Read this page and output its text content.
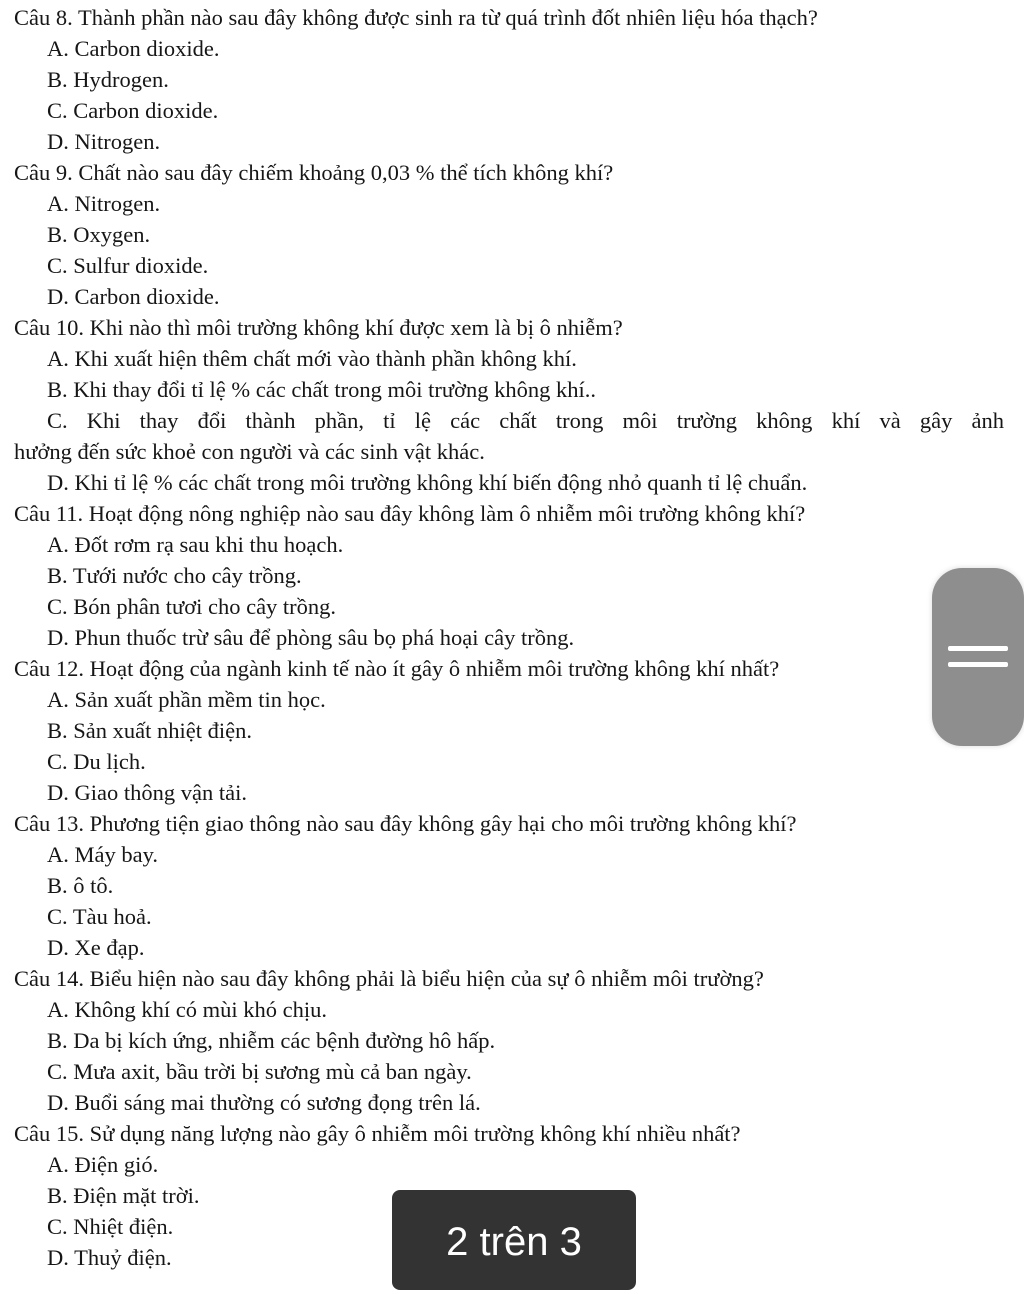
Câu 8. Thành phần nào sau đây không được sinh ra từ quá trình đốt nhiên liệu hóa thạch?

A. Carbon dioxide.

B. Hydrogen.

C. Carbon dioxide.

D. Nitrogen.

Câu 9. Chất nào sau đây chiếm khoảng 0,03 % thể tích không khí?

A. Nitrogen.

B. Oxygen.

C. Sulfur dioxide.

D. Carbon dioxide.

Câu 10. Khi nào thì môi trường không khí được xem là bị ô nhiễm?

A. Khi xuất hiện thêm chất mới vào thành phần không khí.

B. Khi thay đổi tỉ lệ % các chất trong môi trường không khí..

C. Khi thay đổi thành phần, tỉ lệ các chất trong môi trường không khí và gây ảnh

hưởng đến sức khoẻ con người và các sinh vật khác.

D. Khi tỉ lệ % các chất trong môi trường không khí biến động nhỏ quanh tỉ lệ chuẩn.

Câu 11. Hoạt động nông nghiệp nào sau đây không làm ô nhiễm môi trường không khí?

A. Đốt rơm rạ sau khi thu hoạch.

B. Tưới nước cho cây trồng.

C. Bón phân tươi cho cây trồng.

D. Phun thuốc trừ sâu để phòng sâu bọ phá hoại cây trồng.

Câu 12. Hoạt động của ngành kinh tế nào ít gây ô nhiễm môi trường không khí nhất?

A. Sản xuất phần mềm tin học.

B. Sản xuất nhiệt điện.

C. Du lịch.

D. Giao thông vận tải.

Câu 13. Phương tiện giao thông nào sau đây không gây hại cho môi trường không khí?

A. Máy bay.

B. ô tô.

C. Tàu hoả.

D. Xe đạp.

Câu 14. Biểu hiện nào sau đây không phải là biểu hiện của sự ô nhiễm môi trường?

A. Không khí có mùi khó chịu.

B. Da bị kích ứng, nhiễm các bệnh đường hô hấp.

C. Mưa axit, bầu trời bị sương mù cả ban ngày.

D. Buổi sáng mai thường có sương đọng trên lá.

Câu 15. Sử dụng năng lượng nào gây ô nhiễm môi trường không khí nhiều nhất?

A. Điện gió.

B. Điện mặt trời.

C. Nhiệt điện.

D. Thuỷ điện.	2 trên 3
